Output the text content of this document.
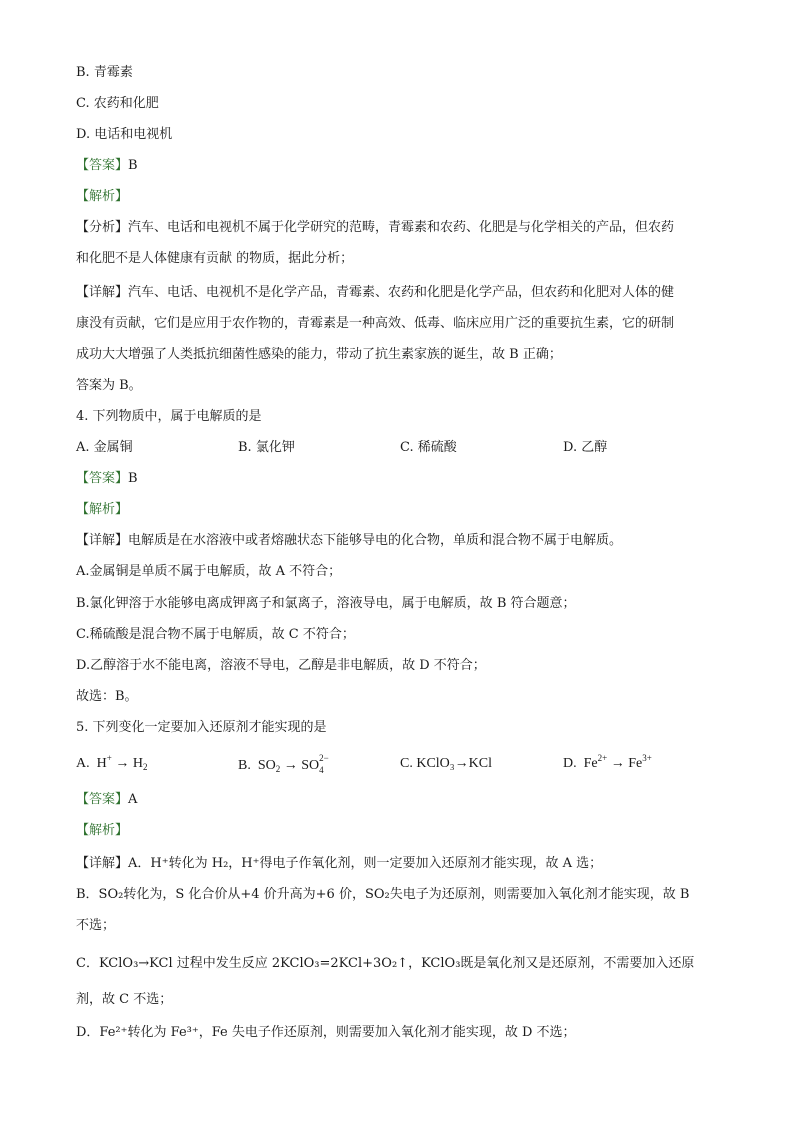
B. 青霉素
C. 农药和化肥
D. 电话和电视机
【答案】B
【解析】
【分析】汽车、电话和电视机不属于化学研究的范畴，青霉素和农药、化肥是与化学相关的产品，但农药
和化肥不是人体健康有贡献 的物质，据此分析；
【详解】汽车、电话、电视机不是化学产品，青霉素、农药和化肥是化学产品，但农药和化肥对人体的健
康没有贡献，它们是应用于农作物的，青霉素是一种高效、低毒、临床应用广泛的重要抗生素，它的研制
成功大大增强了人类抵抗细菌性感染的能力，带动了抗生素家族的诞生，故 B 正确；
答案为 B。
4. 下列物质中，属于电解质的是
A. 金属铜	B. 氯化钾	C. 稀硫酸	D. 乙醇
【答案】B
【解析】
【详解】电解质是在水溶液中或者熔融状态下能够导电的化合物，单质和混合物不属于电解质。
A.金属铜是单质不属于电解质，故 A 不符合；
B.氯化钾溶于水能够电离成钾离子和氯离子，溶液导电，属于电解质，故 B 符合题意；
C.稀硫酸是混合物不属于电解质，故 C 不符合；
D.乙醇溶于水不能电离，溶液不导电，乙醇是非电解质，故 D 不符合；
故选：B。
5. 下列变化一定要加入还原剂才能实现的是
A.  $H^+ \to H_2$	B.  $SO_2$ → SO 2−
4	C. KClO₃→KCl	D.  $Fe^{2+} \to Fe^{3+}$
【答案】A
【解析】
【详解】A．H⁺转化为 H₂，H⁺得电子作氧化剂，则一定要加入还原剂才能实现，故 A 选；
B．SO₂转化为，S 化合价从+4 价升高为+6 价，SO₂失电子为还原剂，则需要加入氧化剂才能实现，故 B
不选；
C．KClO₃→KCl 过程中发生反应 2KClO₃=2KCl+3O₂↑，KClO₃既是氧化剂又是还原剂，不需要加入还原
剂，故 C 不选；
D．Fe²⁺转化为 Fe³⁺，Fe 失电子作还原剂，则需要加入氧化剂才能实现，故 D 不选；
